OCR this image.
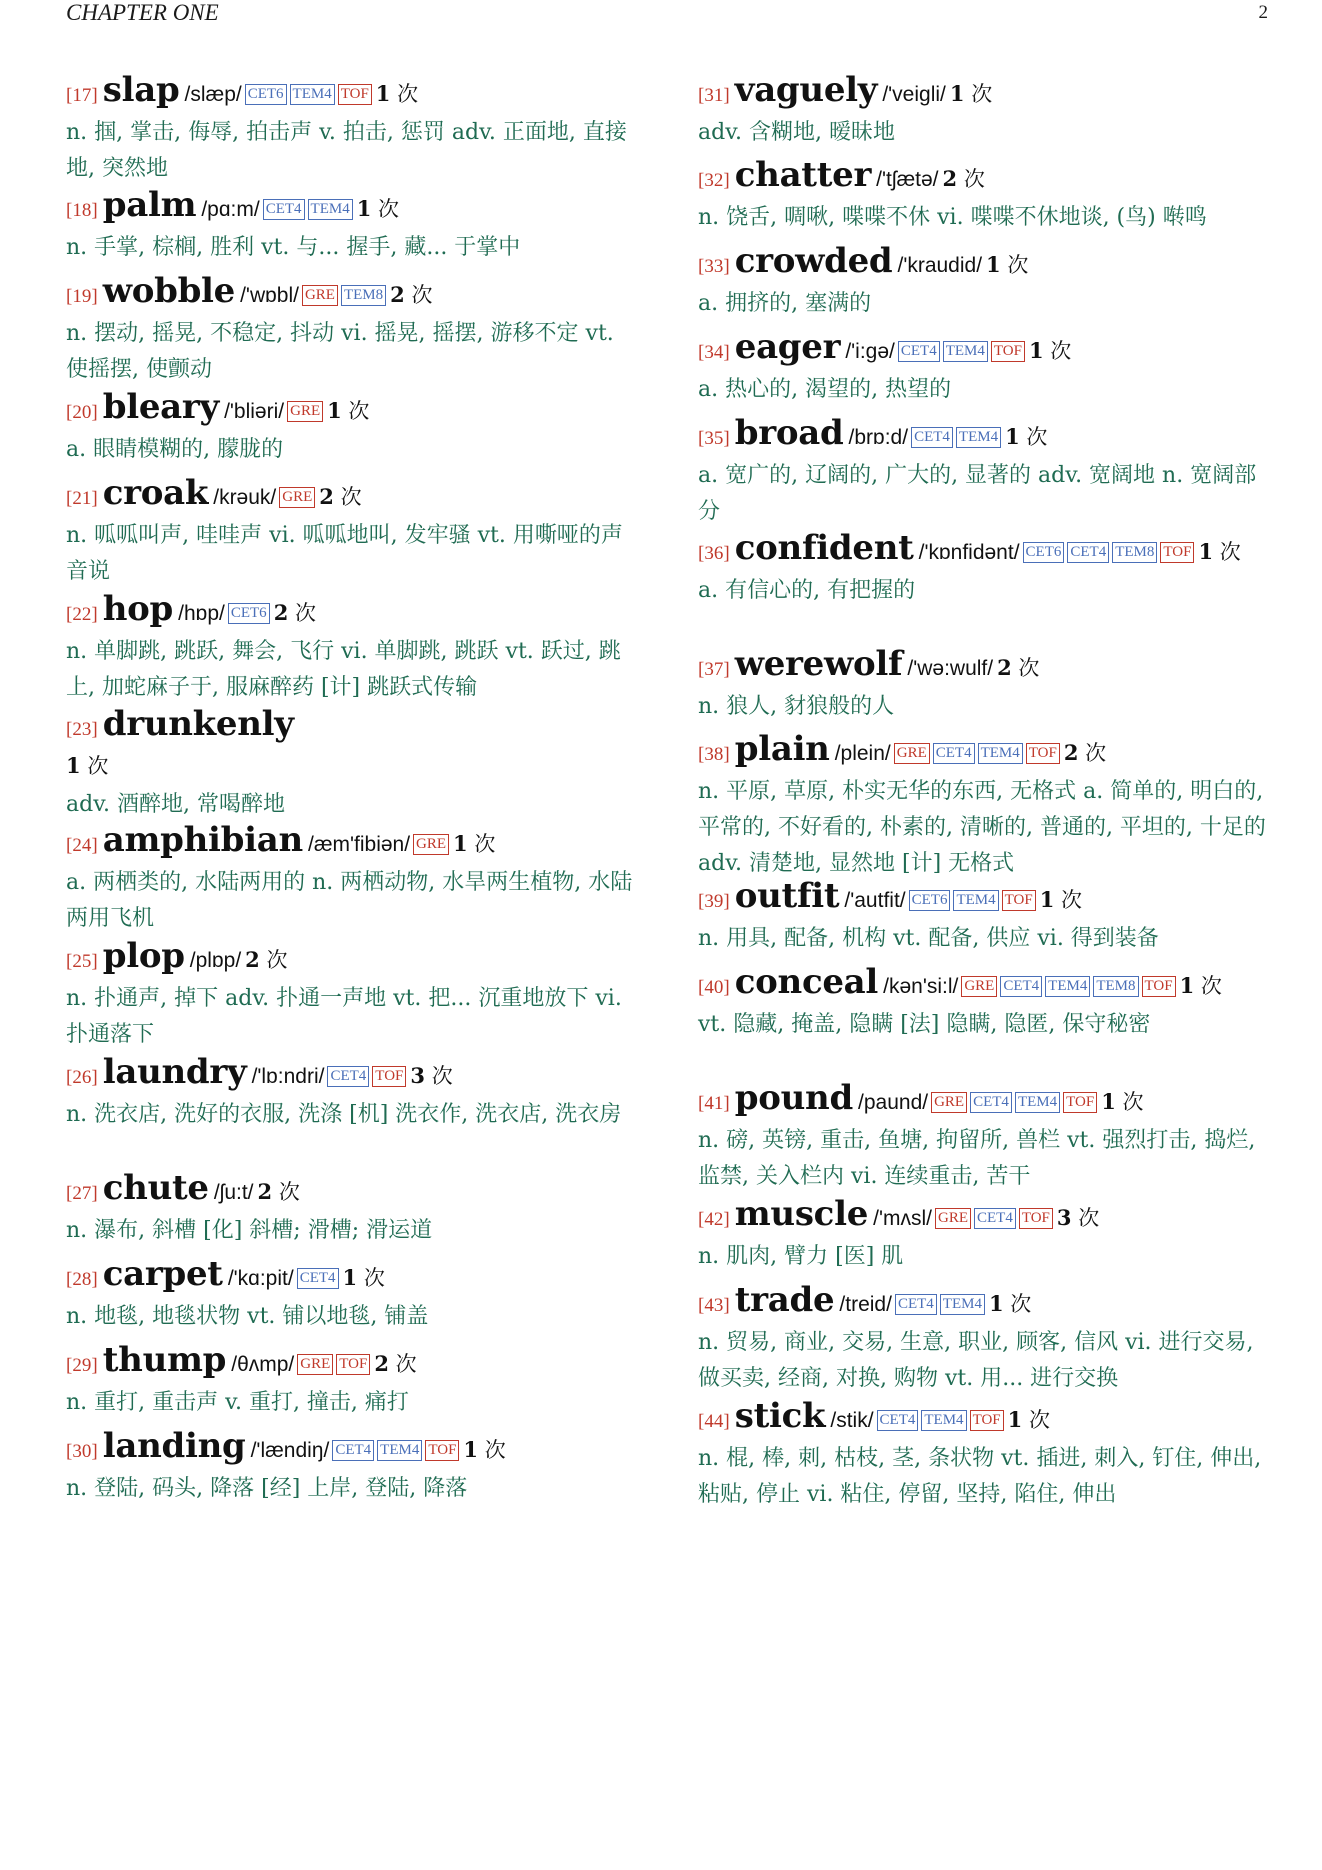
CHAPTER ONE	2
[17] slap /slæp/ CET6 TEM4 TOF 1 次
n. 掴, 掌击, 侮辱, 拍击声 v. 拍击, 惩罚 adv. 正面地, 直接地, 突然地
[18] palm /pɑ:m/ CET4 TEM4 1 次
n. 手掌, 棕榈, 胜利 vt. 与... 握手, 藏... 于掌中
[19] wobble /'wɒbl/ GRE TEM8 2 次
n. 摆动, 摇晃, 不稳定, 抖动 vi. 摇晃, 摇摆, 游移不定 vt. 使摇摆, 使颤动
[20] bleary /'bliəri/ GRE 1 次
a. 眼睛模糊的, 朦胧的
[21] croak /krəuk/ GRE 2 次
n. 呱呱叫声, 哇哇声 vi. 呱呱地叫, 发牢骚 vt. 用嘶哑的声音说
[22] hop /hɒp/ CET6 2 次
n. 单脚跳, 跳跃, 舞会, 飞行 vi. 单脚跳, 跳跃 vt. 跃过, 跳上, 加蛇麻子于, 服麻醉药 [计] 跳跃式传输
[23] drunkenly
1 次
adv. 酒醉地, 常喝醉地
[24] amphibian /æm'fibiən/ GRE 1 次
a. 两栖类的, 水陆两用的 n. 两栖动物, 水旱两生植物, 水陆两用飞机
[25] plop /plɒp/ 2 次
n. 扑通声, 掉下 adv. 扑通一声地 vt. 把... 沉重地放下 vi. 扑通落下
[26] laundry /'lɒ:ndri/ CET4 TOF 3 次
n. 洗衣店, 洗好的衣服, 洗涤 [机] 洗衣作, 洗衣店, 洗衣房
[27] chute /ʃu:t/ 2 次
n. 瀑布, 斜槽 [化] 斜槽; 滑槽; 滑运道
[28] carpet /'kɑ:pit/ CET4 1 次
n. 地毯, 地毯状物 vt. 铺以地毯, 铺盖
[29] thump /θʌmp/ GRE TOF 2 次
n. 重打, 重击声 v. 重打, 撞击, 痛打
[30] landing /'lændiŋ/ CET4 TEM4 TOF 1 次
n. 登陆, 码头, 降落 [经] 上岸, 登陆, 降落
[31] vaguely /'veigli/ 1 次
adv. 含糊地, 暧昧地
[32] chatter /'tʃætə/ 2 次
n. 饶舌, 啁啾, 喋喋不休 vi. 喋喋不休地谈, (鸟) 啭鸣
[33] crowded /'kraudid/ 1 次
a. 拥挤的, 塞满的
[34] eager /'i:gə/ CET4 TEM4 TOF 1 次
a. 热心的, 渴望的, 热望的
[35] broad /brɒ:d/ CET4 TEM4 1 次
a. 宽广的, 辽阔的, 广大的, 显著的 adv. 宽阔地 n. 宽阔部分
[36] confident /'kɒnfidənt/ CET6 CET4 TEM8 TOF 1 次
a. 有信心的, 有把握的
[37] werewolf /'wə:wulf/ 2 次
n. 狼人, 豺狼般的人
[38] plain /plein/ GRE CET4 TEM4 TOF 2 次
n. 平原, 草原, 朴实无华的东西, 无格式 a. 简单的, 明白的, 平常的, 不好看的, 朴素的, 清晰的, 普通的, 平坦的, 十足的 adv. 清楚地, 显然地 [计] 无格式
[39] outfit /'autfit/ CET6 TEM4 TOF 1 次
n. 用具, 配备, 机构 vt. 配备, 供应 vi. 得到装备
[40] conceal /kən'si:l/ GRE CET4 TEM4 TEM8 TOF 1 次
vt. 隐藏, 掩盖, 隐瞒 [法] 隐瞒, 隐匿, 保守秘密
[41] pound /paund/ GRE CET4 TEM4 TOF 1 次
n. 磅, 英镑, 重击, 鱼塘, 拘留所, 兽栏 vt. 强烈打击, 捣烂, 监禁, 关入栏内 vi. 连续重击, 苦干
[42] muscle /'mʌsl/ GRE CET4 TOF 3 次
n. 肌肉, 臂力 [医] 肌
[43] trade /treid/ CET4 TEM4 1 次
n. 贸易, 商业, 交易, 生意, 职业, 顾客, 信风 vi. 进行交易, 做买卖, 经商, 对换, 购物 vt. 用... 进行交换
[44] stick /stik/ CET4 TEM4 TOF 1 次
n. 棍, 棒, 刺, 枯枝, 茎, 条状物 vt. 插进, 刺入, 钉住, 伸出, 粘贴, 停止 vi. 粘住, 停留, 坚持, 陷住, 伸出
